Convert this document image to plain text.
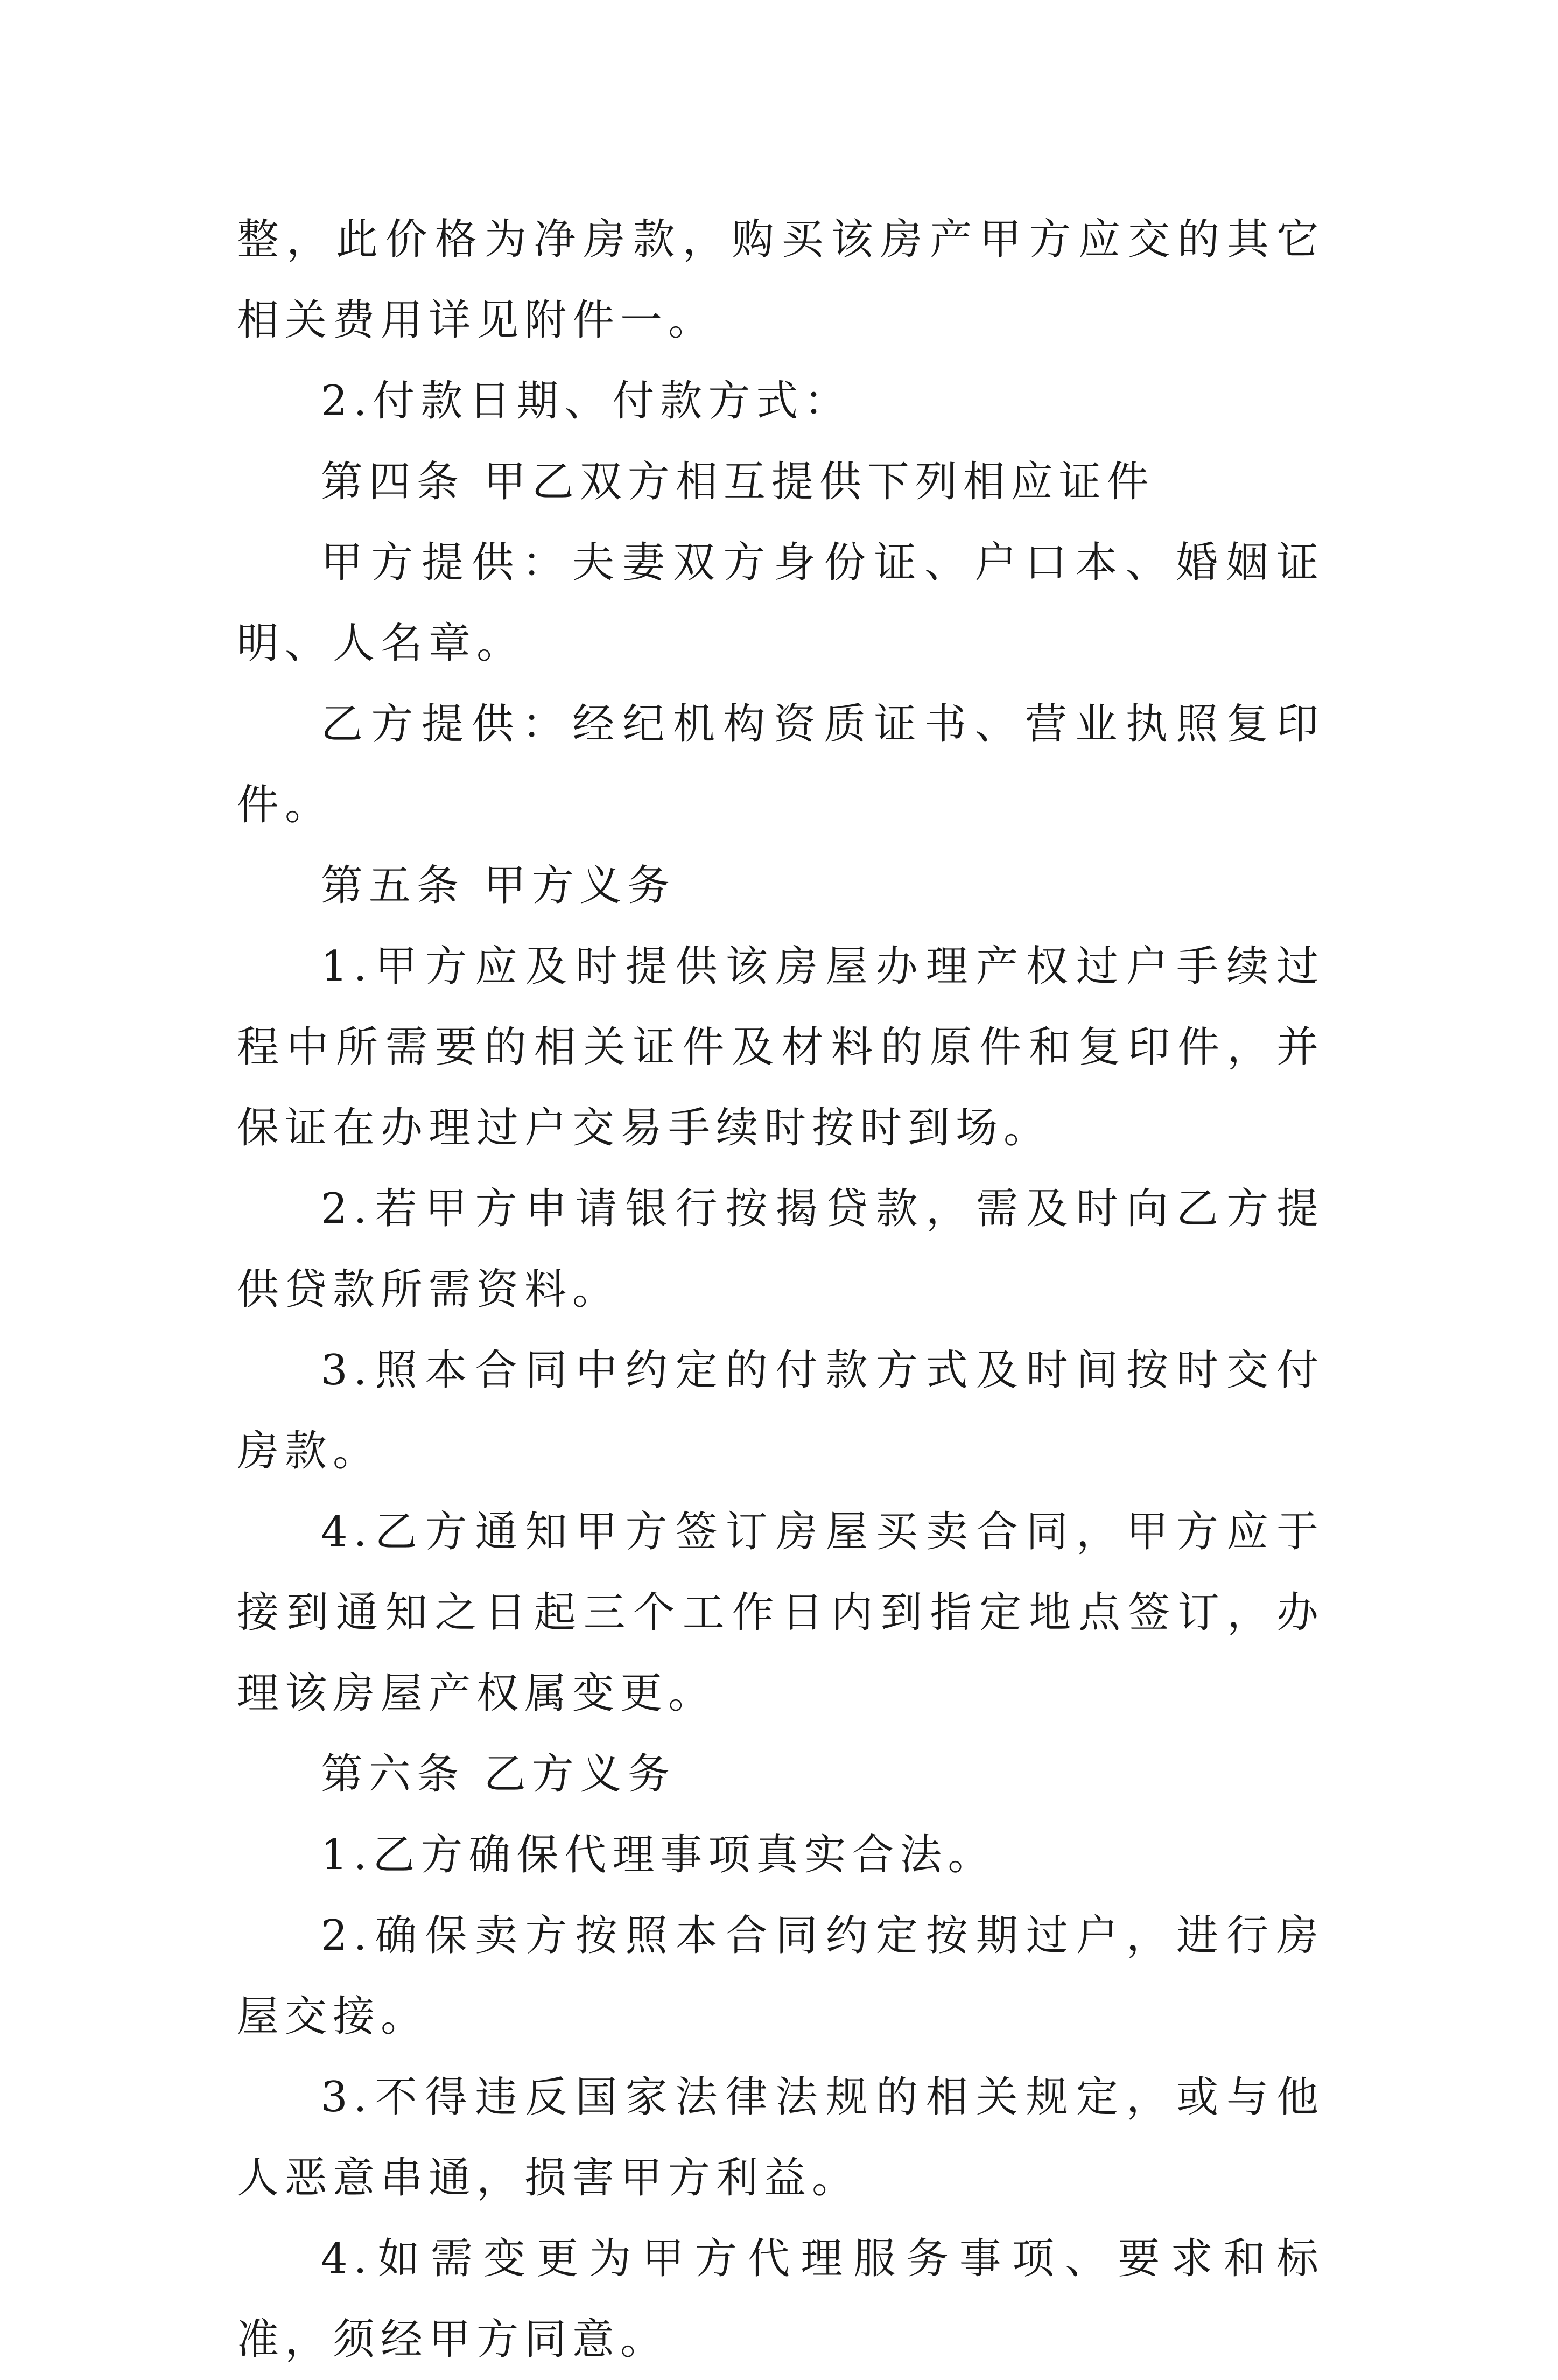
整，此价格为净房款，购买该房产甲方应交的其它相关费用详见附件一。

2.付款日期、付款方式：

第四条 甲乙双方相互提供下列相应证件

甲方提供：夫妻双方身份证、户口本、婚姻证明、人名章。

乙方提供：经纪机构资质证书、营业执照复印件。

第五条 甲方义务

1.甲方应及时提供该房屋办理产权过户手续过程中所需要的相关证件及材料的原件和复印件，并保证在办理过户交易手续时按时到场。

2.若甲方申请银行按揭贷款，需及时向乙方提供贷款所需资料。

3.照本合同中约定的付款方式及时间按时交付房款。

4.乙方通知甲方签订房屋买卖合同，甲方应于接到通知之日起三个工作日内到指定地点签订，办理该房屋产权属变更。

第六条 乙方义务

1.乙方确保代理事项真实合法。

2.确保卖方按照本合同约定按期过户，进行房屋交接。

3.不得违反国家法律法规的相关规定，或与他人恶意串通，损害甲方利益。

4.如需变更为甲方代理服务事项、要求和标准，须经甲方同意。
